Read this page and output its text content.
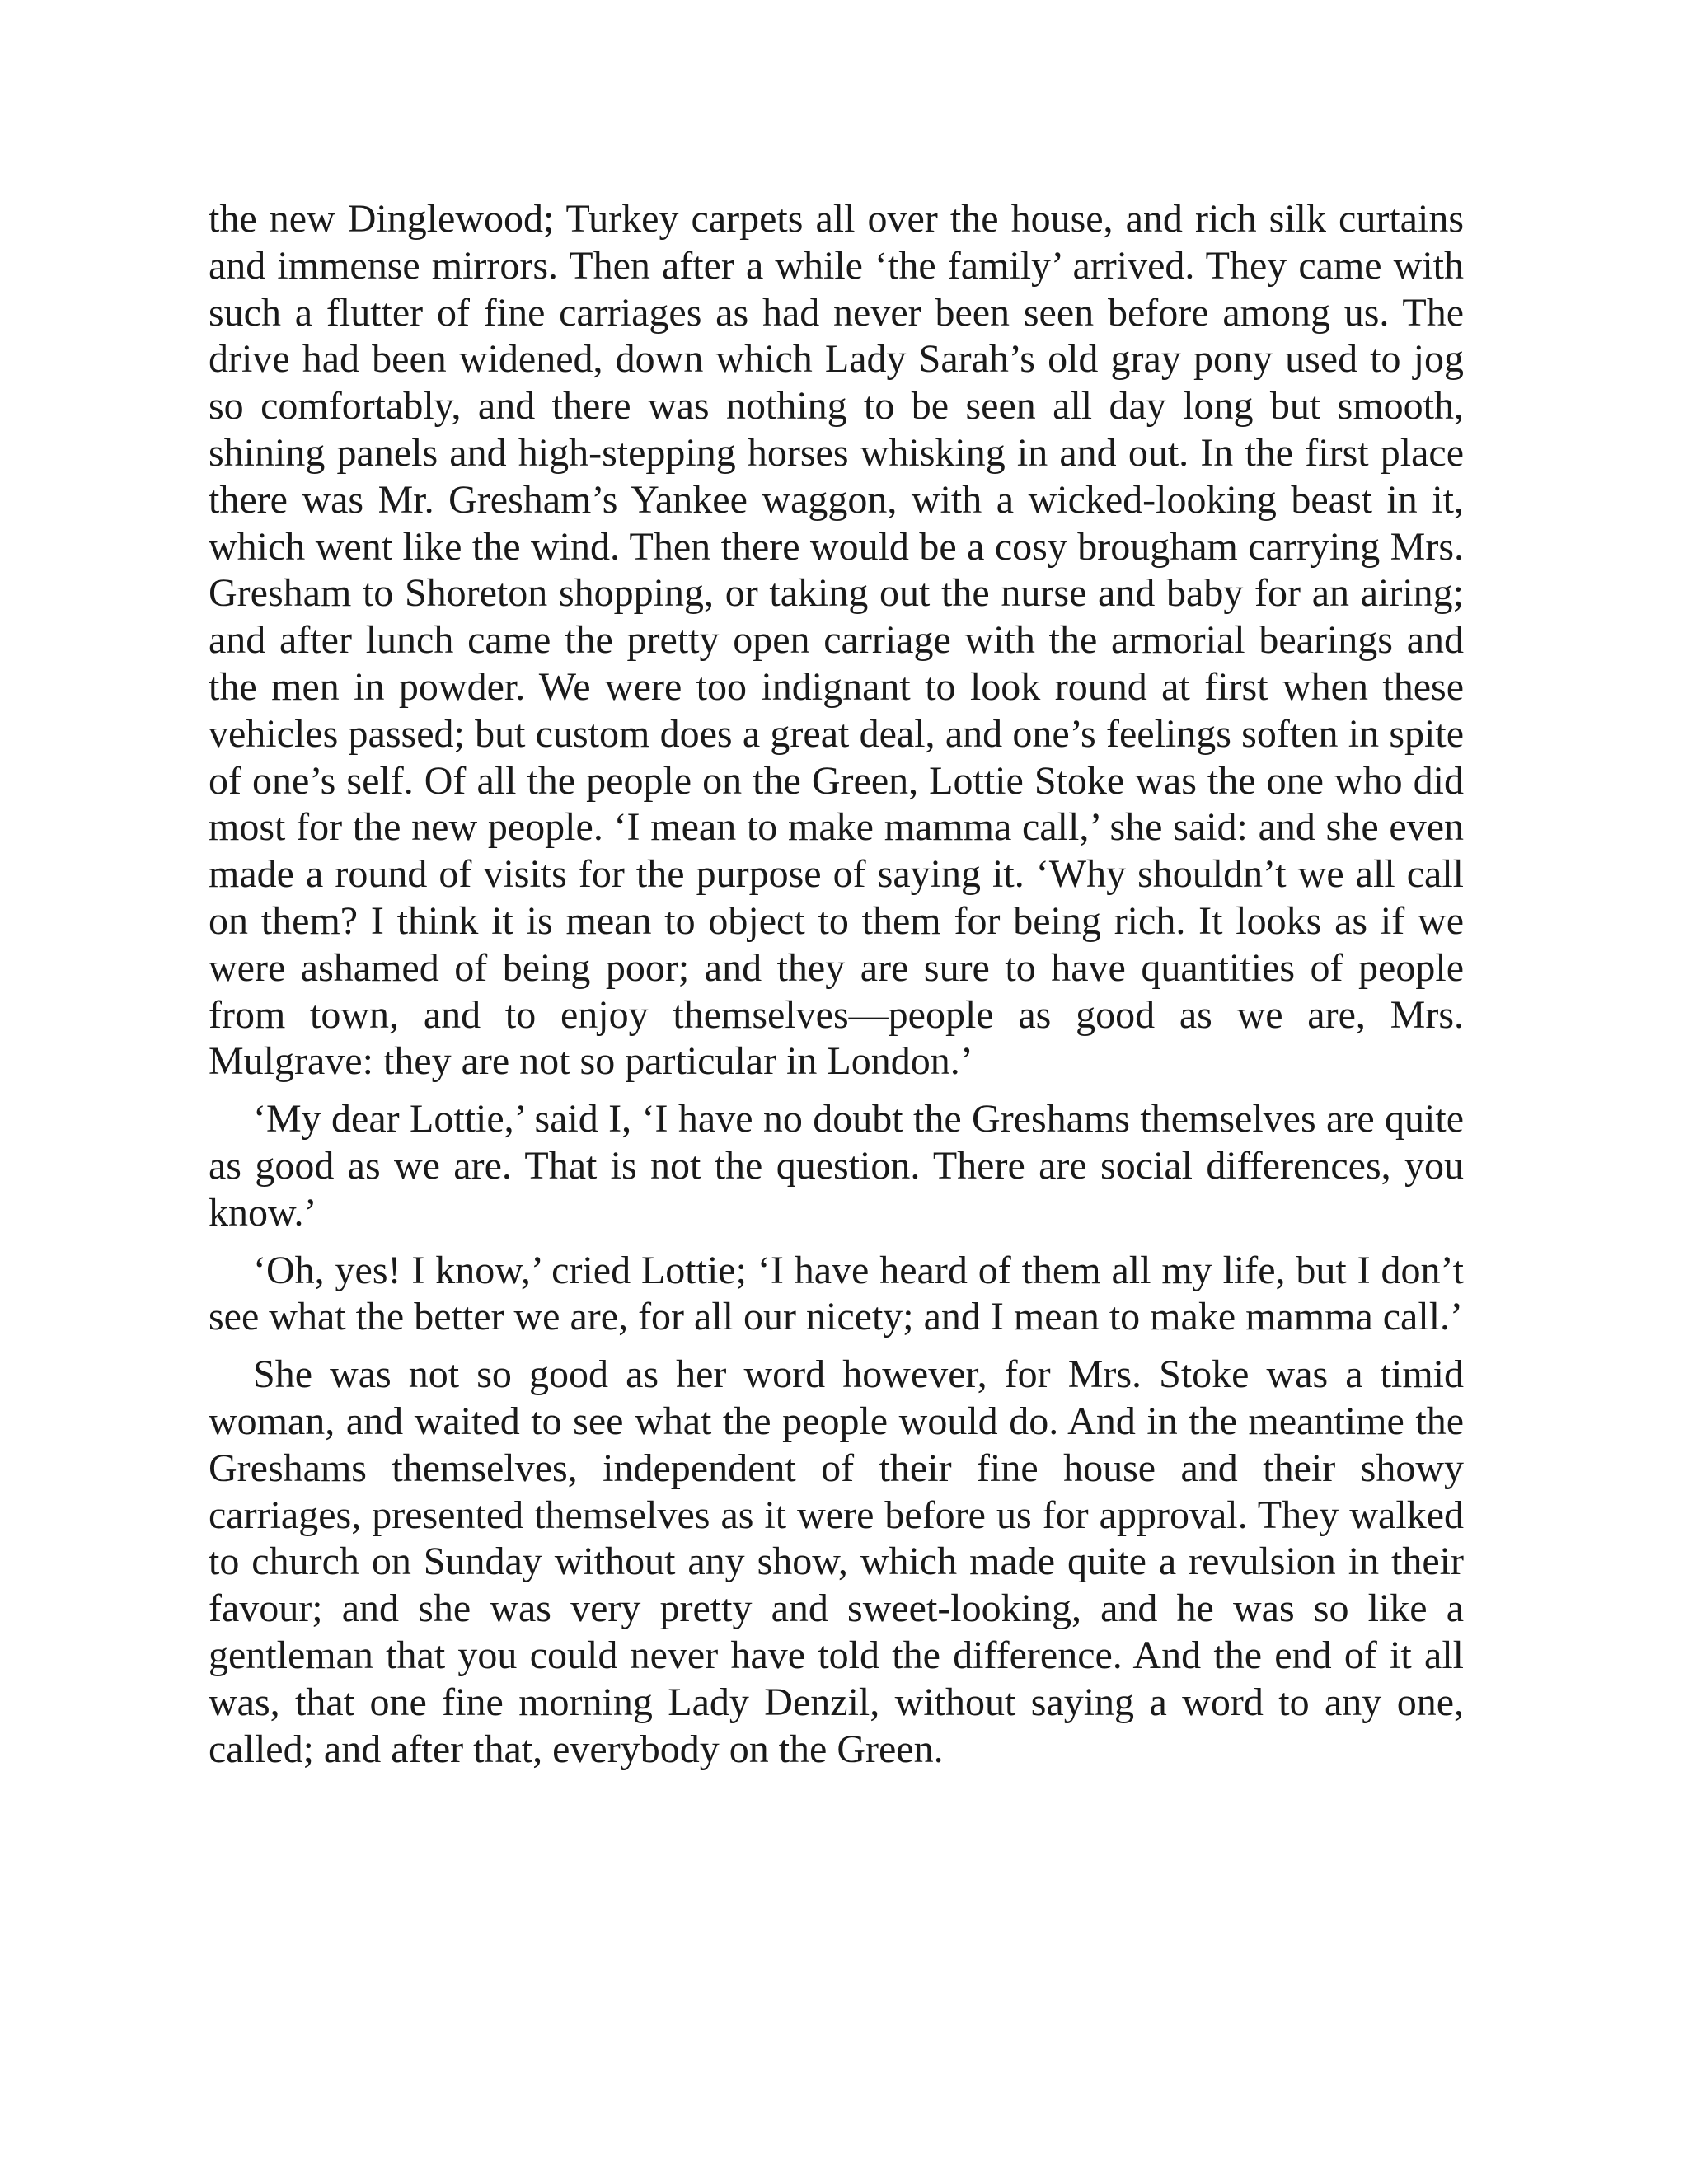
the new Dinglewood; Turkey carpets all over the house, and rich silk curtains and immense mirrors. Then after a while ‘the family’ arrived. They came with such a flutter of fine carriages as had never been seen before among us. The drive had been widened, down which Lady Sarah’s old gray pony used to jog so comfortably, and there was nothing to be seen all day long but smooth, shining panels and high-stepping horses whisking in and out. In the first place there was Mr. Gresham’s Yankee waggon, with a wicked-looking beast in it, which went like the wind. Then there would be a cosy brougham carrying Mrs. Gresham to Shoreton shopping, or taking out the nurse and baby for an airing; and after lunch came the pretty open carriage with the armorial bearings and the men in powder. We were too indignant to look round at first when these vehicles passed; but custom does a great deal, and one’s feelings soften in spite of one’s self. Of all the people on the Green, Lottie Stoke was the one who did most for the new people. ‘I mean to make mamma call,’ she said: and she even made a round of visits for the purpose of saying it. ‘Why shouldn’t we all call on them? I think it is mean to object to them for being rich. It looks as if we were ashamed of being poor; and they are sure to have quantities of people from town, and to enjoy themselves—people as good as we are, Mrs. Mulgrave: they are not so particular in London.’

‘My dear Lottie,’ said I, ‘I have no doubt the Greshams themselves are quite as good as we are. That is not the question. There are social differences, you know.’

‘Oh, yes! I know,’ cried Lottie; ‘I have heard of them all my life, but I don’t see what the better we are, for all our nicety; and I mean to make mamma call.’

She was not so good as her word however, for Mrs. Stoke was a timid woman, and waited to see what the people would do. And in the meantime the Greshams themselves, independent of their fine house and their showy carriages, presented themselves as it were before us for approval. They walked to church on Sunday without any show, which made quite a revulsion in their favour; and she was very pretty and sweet-looking, and he was so like a gentleman that you could never have told the difference. And the end of it all was, that one fine morning Lady Denzil, without saying a word to any one, called; and after that, everybody on the Green.
